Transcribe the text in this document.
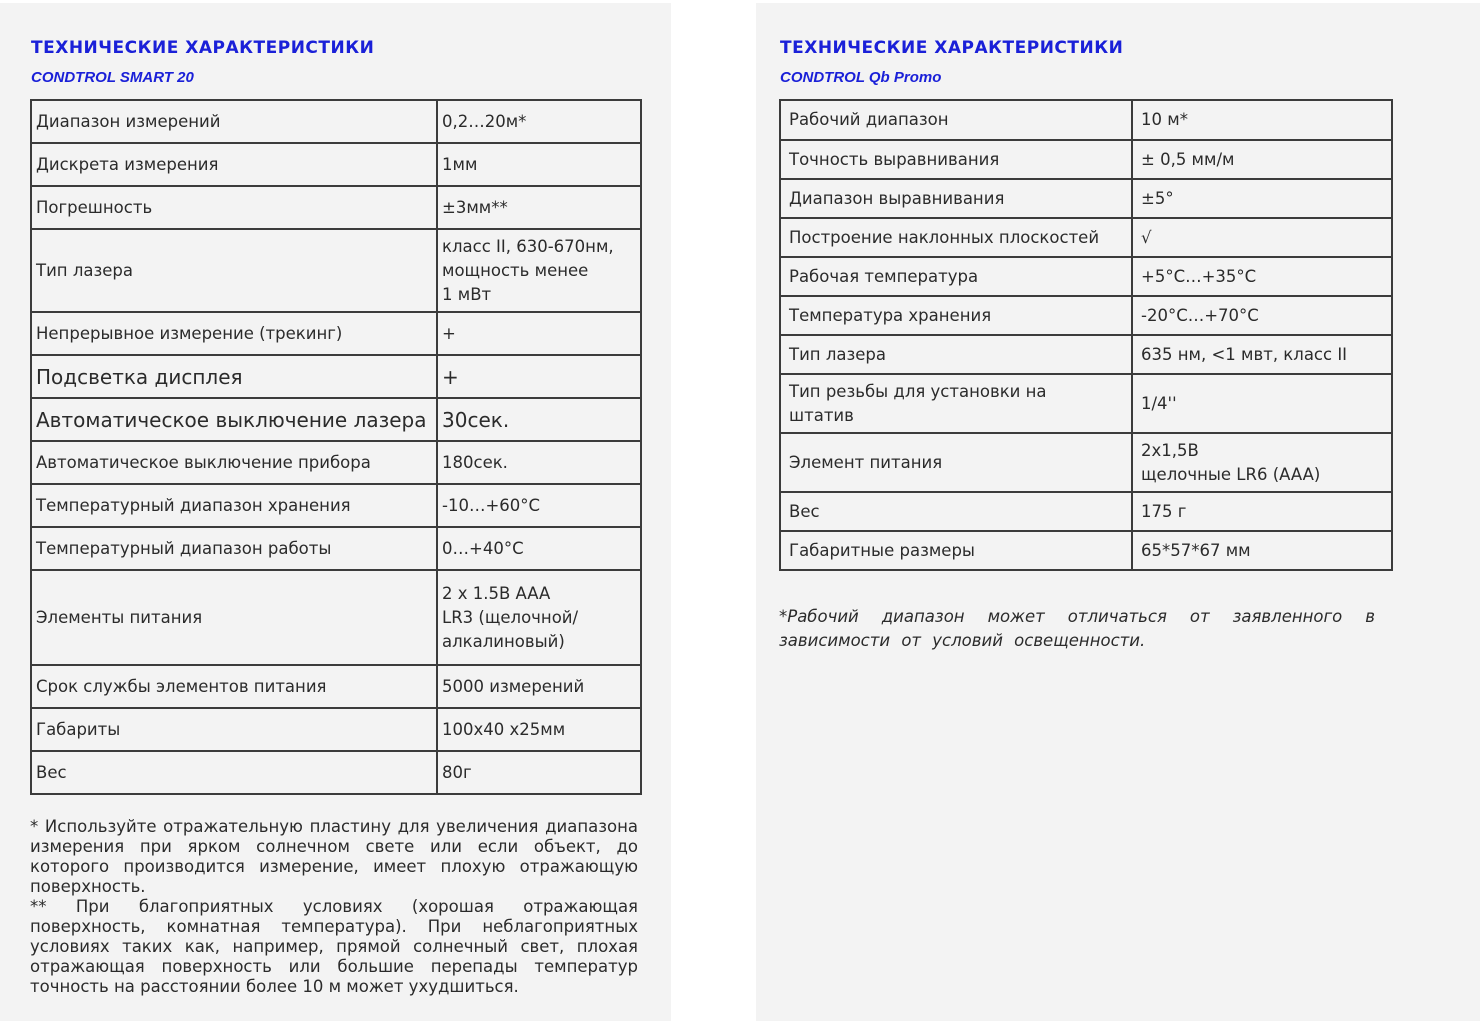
ТЕХНИЧЕСКИЕ ХАРАКТЕРИСТИКИ
CONDTROL SMART 20
Диапазон измерений	0,2…20м*
Дискрета измерения	1мм
Погрешность	±3мм**
Тип лазера	класс II, 630-670нм,
мощность менее
1 мВт
Непрерывное измерение (трекинг)	+
Подсветка дисплея	+
Автоматическое выключение лазера	30сек.
Автоматическое выключение прибора	180сек.
Температурный диапазон хранения	-10…+60°C
Температурный диапазон работы	0…+40°C
Элементы питания	2 x 1.5В AAA
LR3 (щелочной/
алкалиновый)
Срок службы элементов питания	5000 измерений
Габариты	100x40 x25мм
Вес	80г
* Используйте отражательную пластину для увеличения диапазона измерения при ярком солнечном свете или если объект, до которого производится измерение, имеет плохую отражающую поверхность.
** При благоприятных условиях (хорошая отражающая поверхность, комнатная температура). При неблагоприятных условиях таких как, например, прямой солнечный свет, плохая отражающая поверхность или большие перепады температур точность на расстоянии более 10 м может ухудшиться.
ТЕХНИЧЕСКИЕ ХАРАКТЕРИСТИКИ
CONDTROL Qb Promo
Рабочий диапазон	10 м*
Точность выравнивания	± 0,5 мм/м
Диапазон выравнивания	±5°
Построение наклонных плоскостей	√
Рабочая температура	+5°C…+35°C
Температура хранения	-20°C…+70°C
Тип лазера	635 нм, <1 мвт, класс II
Тип резьбы для установки на
штатив	1/4''
Элемент питания	2x1,5В
щелочные LR6 (AAA)
Вес	175 г
Габаритные размеры	65*57*67 мм
*Рабочий диапазон может отличаться от заявленного в зависимости от условий освещенности.
